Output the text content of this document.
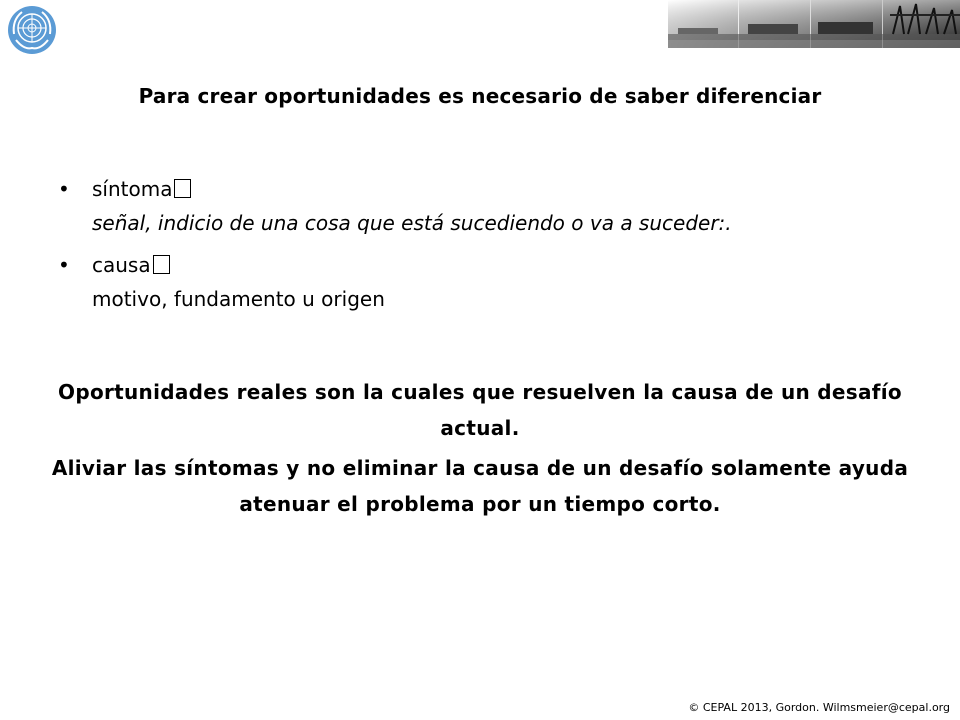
Para crear oportunidades es necesario de saber diferenciar
• síntoma
señal, indicio de una cosa que está sucediendo o va a suceder:.
• causa
motivo, fundamento u origen
Oportunidades reales son la cuales que resuelven la causa de un desafío actual.
Aliviar las síntomas y no eliminar la causa de un desafío solamente ayuda atenuar el problema por un tiempo corto.
© CEPAL 2013, Gordon. Wilmsmeier@cepal.org
